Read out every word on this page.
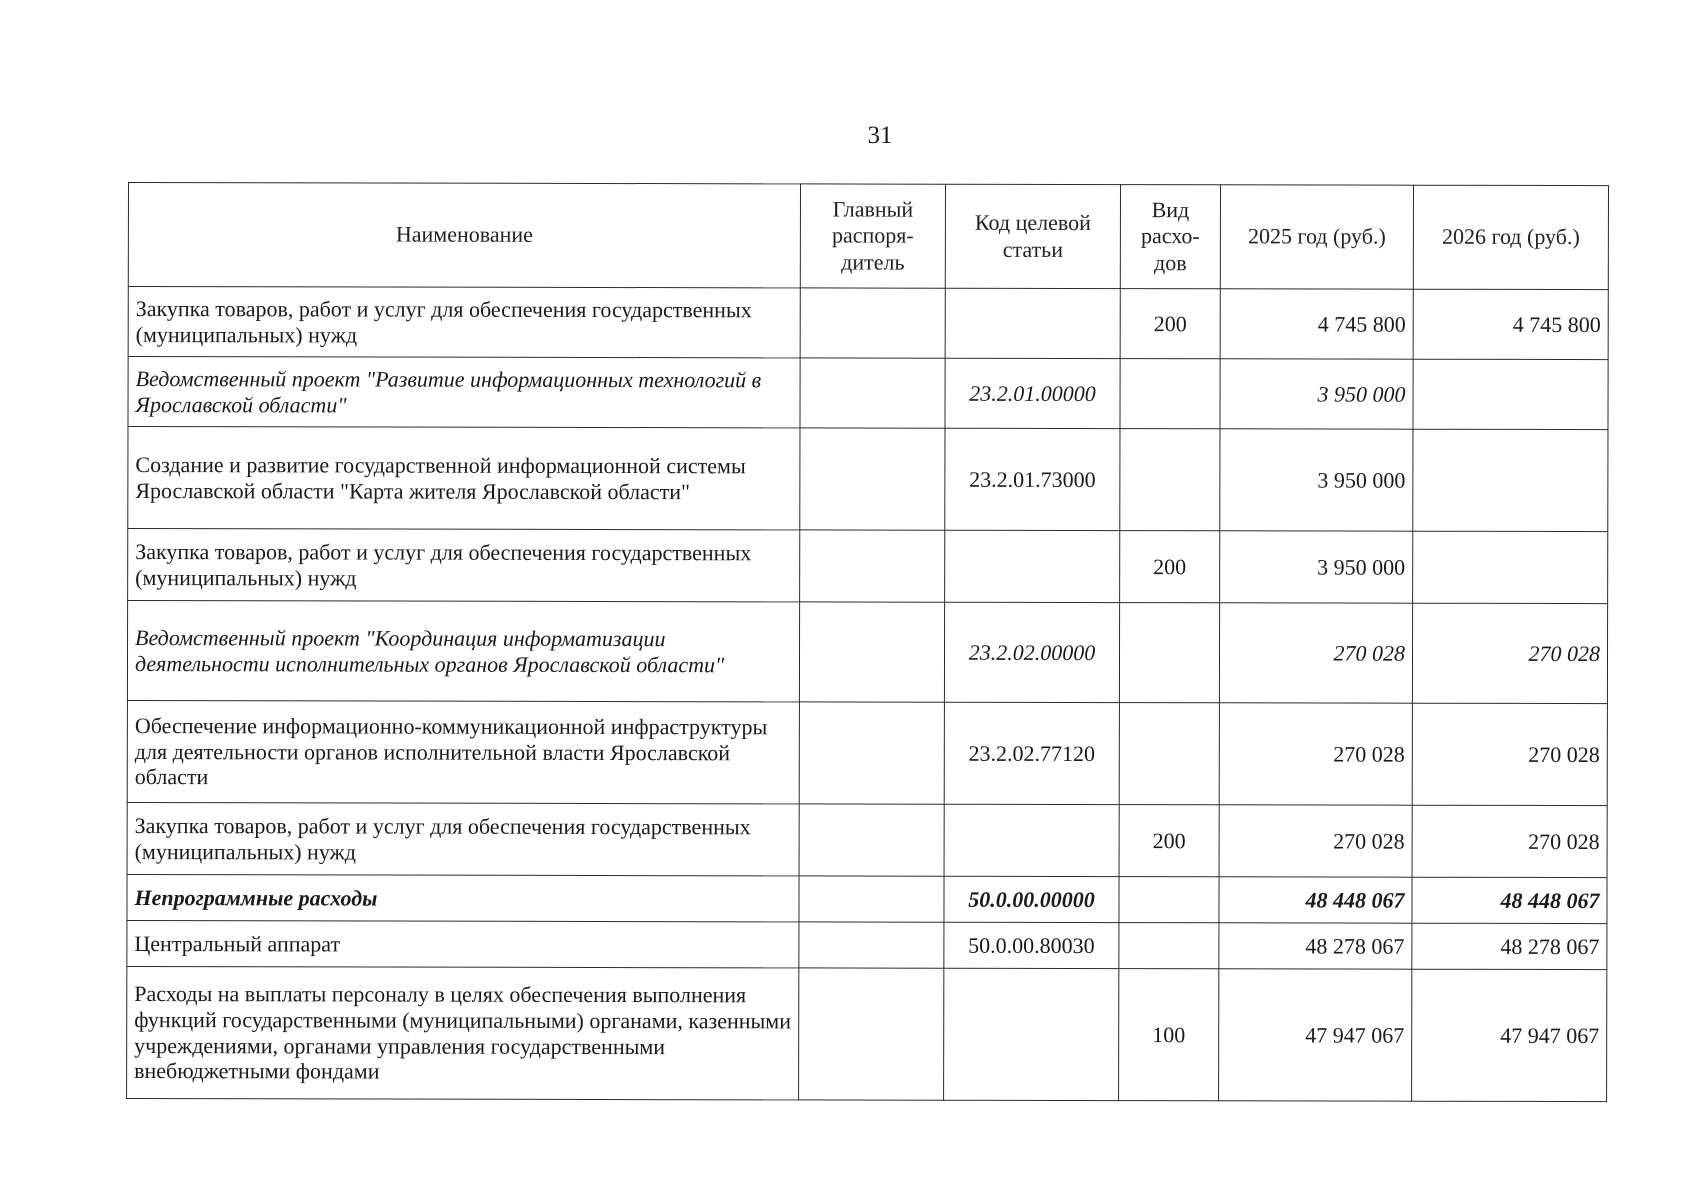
31
Наименование	Главный распоря-дитель	Код целевой статьи	Вид расхо-дов	2025 год (руб.)	2026 год (руб.)
Закупка товаров, работ и услуг для обеспечения государственных (муниципальных) нужд			200	4 745 800	4 745 800
Ведомственный проект "Развитие информационных технологий в Ярославской области"		23.2.01.00000		3 950 000	
Создание и развитие государственной информационной системы Ярославской области "Карта жителя Ярославской области"		23.2.01.73000		3 950 000	
Закупка товаров, работ и услуг для обеспечения государственных (муниципальных) нужд			200	3 950 000	
Ведомственный проект "Координация информатизации деятельности исполнительных органов Ярославской области"		23.2.02.00000		270 028	270 028
Обеспечение информационно-коммуникационной инфраструктуры для деятельности органов исполнительной власти Ярославской области		23.2.02.77120		270 028	270 028
Закупка товаров, работ и услуг для обеспечения государственных (муниципальных) нужд			200	270 028	270 028
Непрограммные расходы		50.0.00.00000		48 448 067	48 448 067
Центральный аппарат		50.0.00.80030		48 278 067	48 278 067
Расходы на выплаты персоналу в целях обеспечения выполнения функций государственными (муниципальными) органами, казенными учреждениями, органами управления государственными внебюджетными фондами			100	47 947 067	47 947 067
